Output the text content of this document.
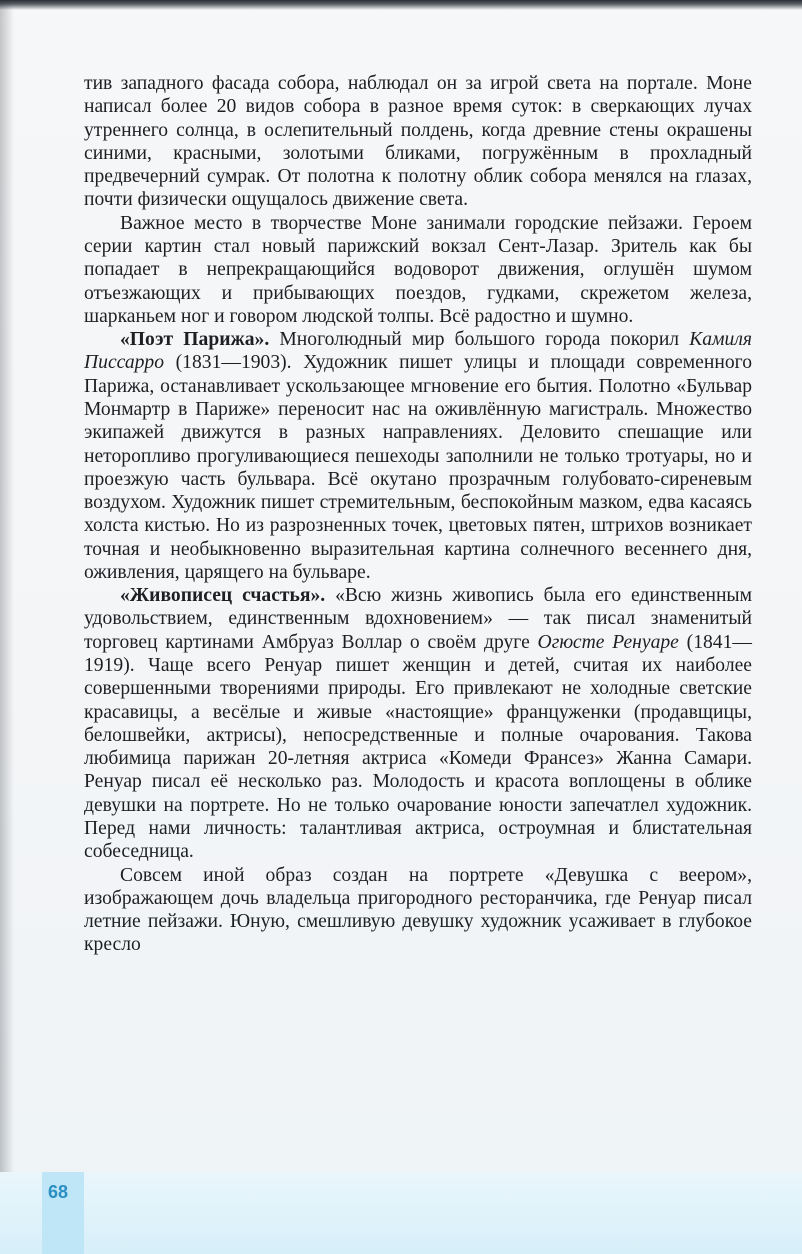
тив западного фасада собора, наблюдал он за игрой света на портале. Моне написал более 20 видов собора в разное время суток: в сверкающих лучах утреннего солнца, в ослепительный полдень, когда древние стены окрашены синими, красными, золотыми бликами, погружённым в прохладный предвечерний сумрак. От полотна к полотну облик собора менялся на глазах, почти физически ощущалось движение света.

Важное место в творчестве Моне занимали городские пейзажи. Героем серии картин стал новый парижский вокзал Сент-Лазар. Зритель как бы попадает в непрекращающийся водоворот движения, оглушён шумом отъезжающих и прибывающих поездов, гудками, скрежетом железа, шарканьем ног и говором людской толпы. Всё радостно и шумно.

«Поэт Парижа». Многолюдный мир большого города покорил Камиля Писсарро (1831—1903). Художник пишет улицы и площади современного Парижа, останавливает ускользающее мгновение его бытия. Полотно «Бульвар Монмартр в Париже» переносит нас на оживлённую магистраль. Множество экипажей движутся в разных направлениях. Деловито спешащие или неторопливо прогуливающиеся пешеходы заполнили не только тротуары, но и проезжую часть бульвара. Всё окутано прозрачным голубовато-сиреневым воздухом. Художник пишет стремительным, беспокойным мазком, едва касаясь холста кистью. Но из разрозненных точек, цветовых пятен, штрихов возникает точная и необыкновенно выразительная картина солнечного весеннего дня, оживления, царящего на бульваре.

«Живописец счастья». «Всю жизнь живопись была его единственным удовольствием, единственным вдохновением» — так писал знаменитый торговец картинами Амбруаз Воллар о своём друге Огюсте Ренуаре (1841—1919). Чаще всего Ренуар пишет женщин и детей, считая их наиболее совершенными творениями природы. Его привлекают не холодные светские красавицы, а весёлые и живые «настоящие» француженки (продавщицы, белошвейки, актрисы), непосредственные и полные очарования. Такова любимица парижан 20-летняя актриса «Комеди Франсез» Жанна Самари. Ренуар писал её несколько раз. Молодость и красота воплощены в облике девушки на портрете. Но не только очарование юности запечатлел художник. Перед нами личность: талантливая актриса, остроумная и блистательная собеседница.

Совсем иной образ создан на портрете «Девушка с веером», изображающем дочь владельца пригородного ресторанчика, где Ренуар писал летние пейзажи. Юную, смешливую девушку художник усаживает в глубокое кресло

68
